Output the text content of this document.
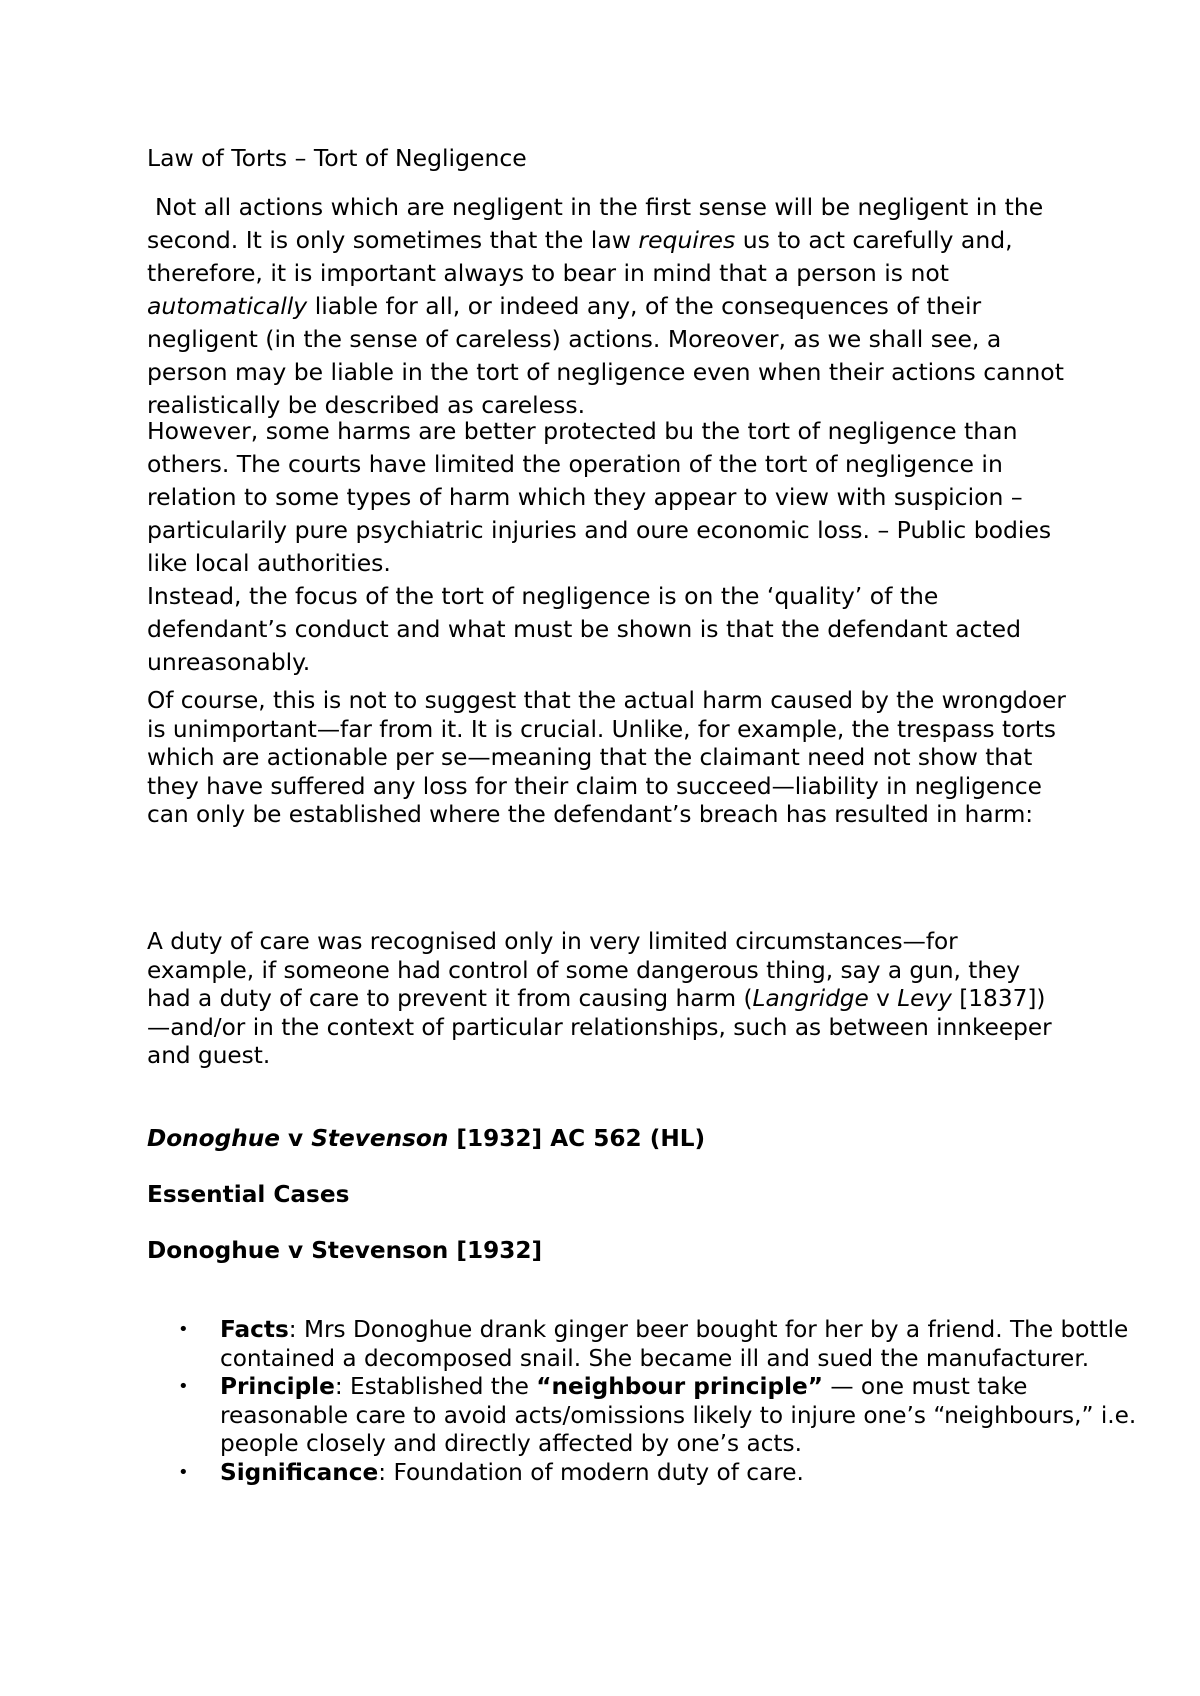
Law of Torts – Tort of Negligence

Not all actions which are negligent in the first sense will be negligent in the second. It is only sometimes that the law requires us to act carefully and, therefore, it is important always to bear in mind that a person is not automatically liable for all, or indeed any, of the consequences of their negligent (in the sense of careless) actions. Moreover, as we shall see, a person may be liable in the tort of negligence even when their actions cannot realistically be described as careless.

However, some harms are better protected bu the tort of negligence than others. The courts have limited the operation of the tort of negligence in relation to some types of harm which they appear to view with suspicion – particularily pure psychiatric injuries and oure economic loss. – Public bodies like local authorities.

Instead, the focus of the tort of negligence is on the ‘quality’ of the defendant’s conduct and what must be shown is that the defendant acted unreasonably.

Of course, this is not to suggest that the actual harm caused by the wrongdoer is unimportant—far from it. It is crucial. Unlike, for example, the trespass torts which are actionable per se—meaning that the claimant need not show that they have suffered any loss for their claim to succeed—liability in negligence can only be established where the defendant’s breach has resulted in harm:

A duty of care was recognised only in very limited circumstances—for example, if someone had control of some dangerous thing, say a gun, they had a duty of care to prevent it from causing harm (Langridge v Levy [1837])—and/or in the context of particular relationships, such as between innkeeper and guest.

Donoghue v Stevenson [1932] AC 562 (HL)

Essential Cases

Donoghue v Stevenson [1932]

• Facts: Mrs Donoghue drank ginger beer bought for her by a friend. The bottle contained a decomposed snail. She became ill and sued the manufacturer.
• Principle: Established the “neighbour principle” — one must take reasonable care to avoid acts/omissions likely to injure one’s “neighbours,” i.e. people closely and directly affected by one’s acts.
• Significance: Foundation of modern duty of care.
